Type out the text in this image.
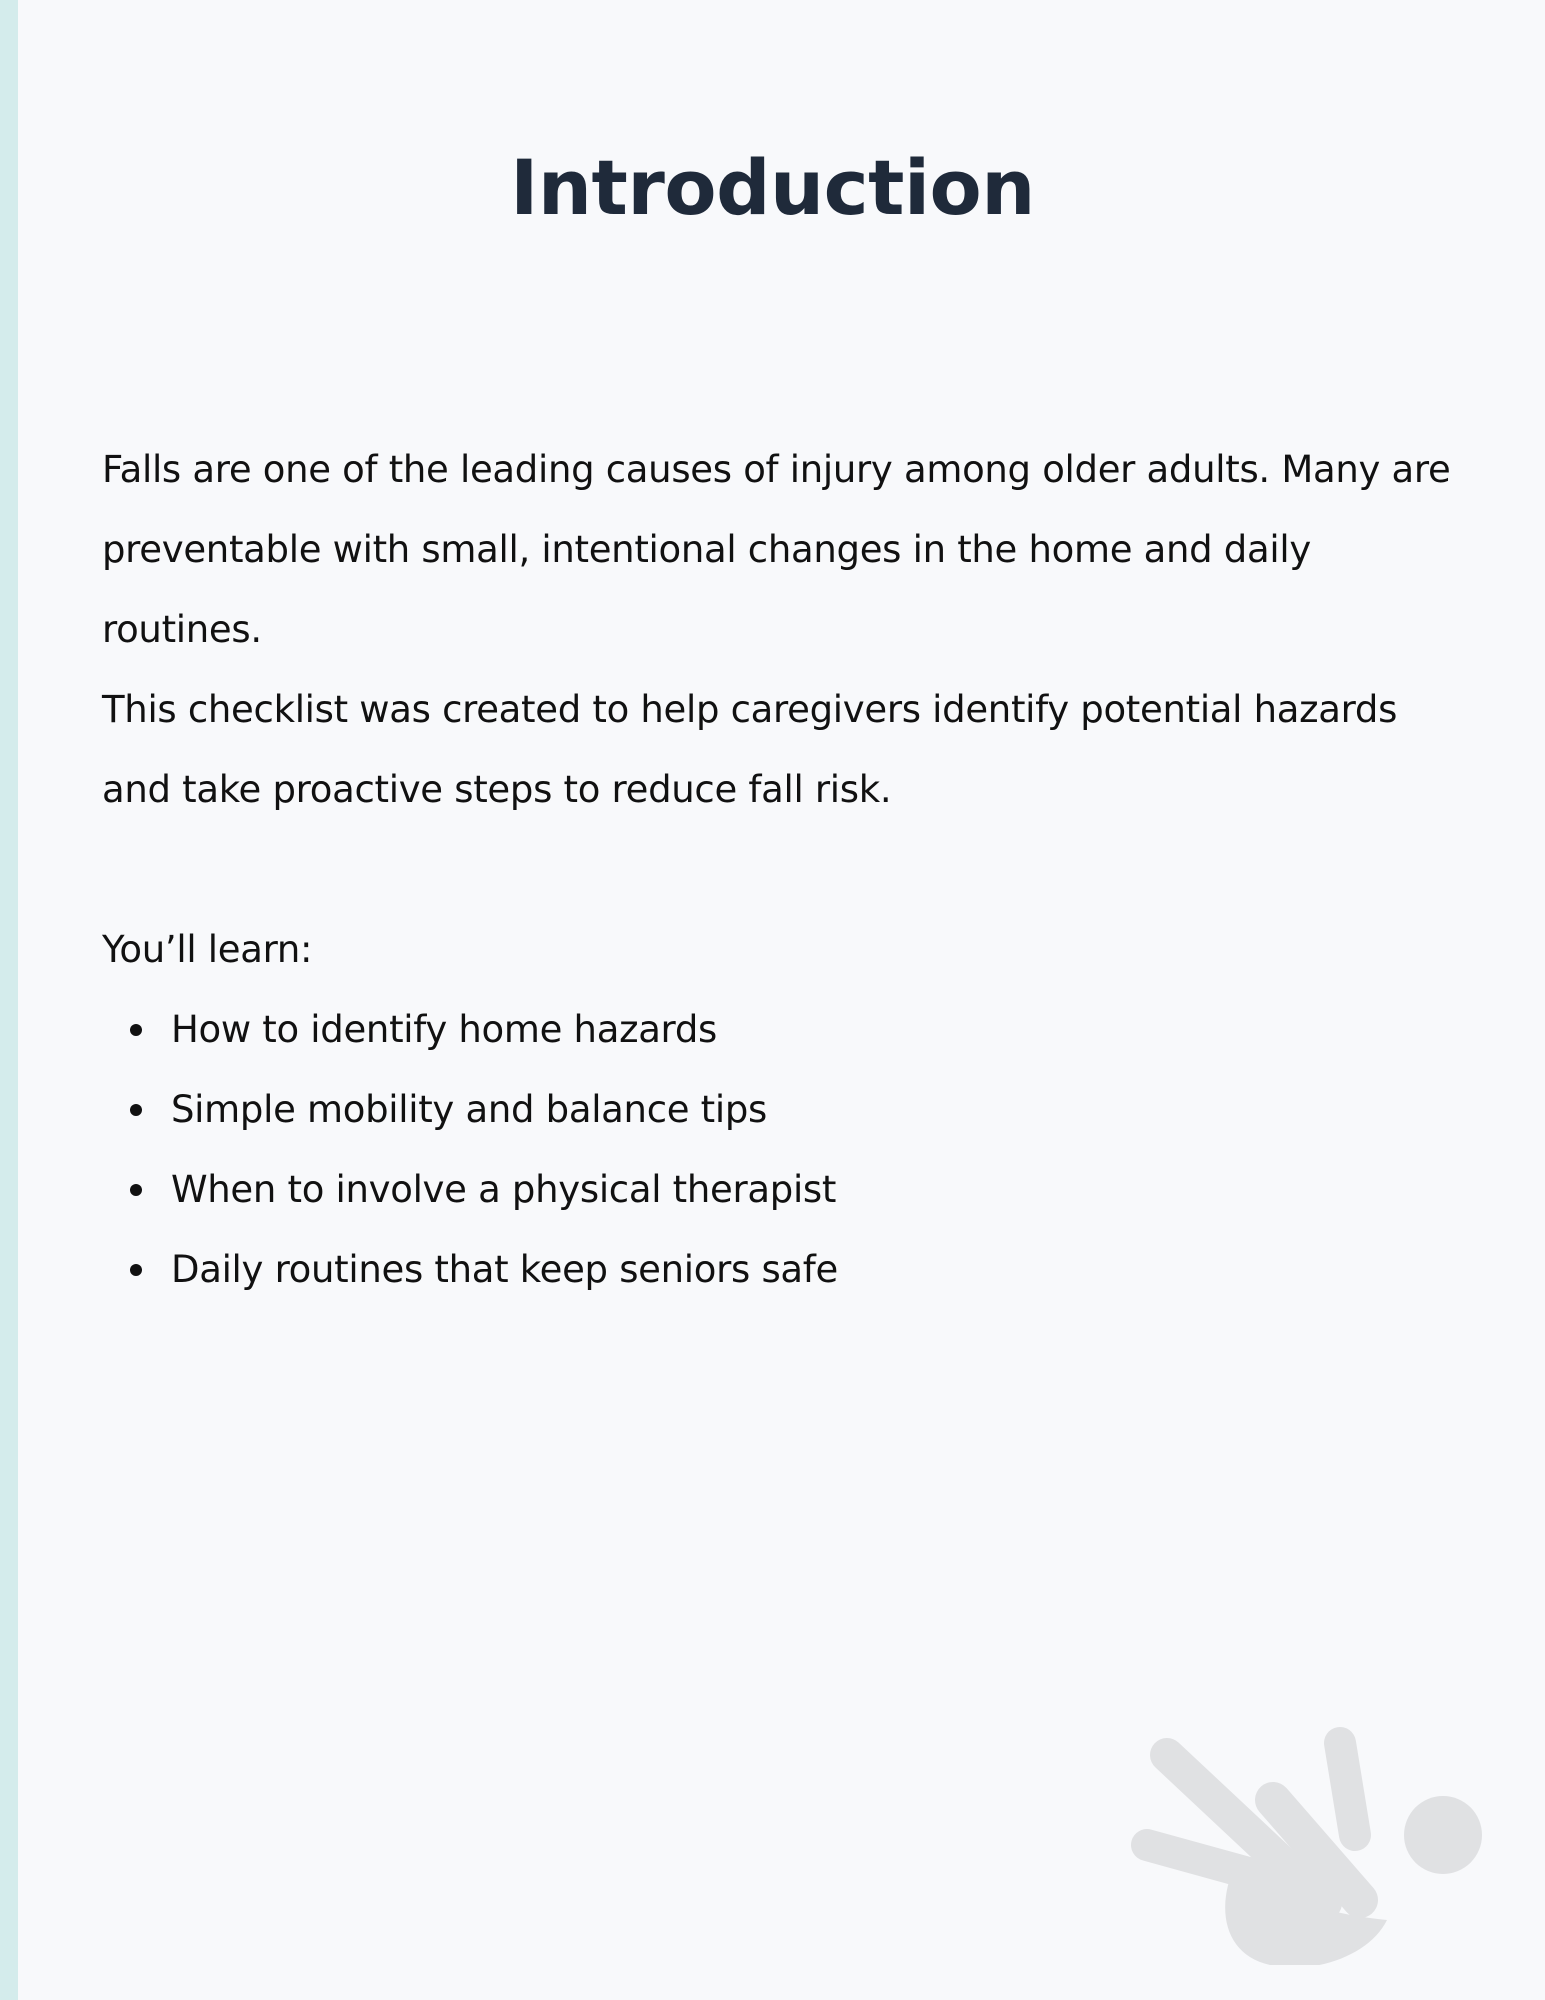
Introduction

Falls are one of the leading causes of injury among older adults. Many are preventable with small, intentional changes in the home and daily routines.

This checklist was created to help caregivers identify potential hazards and take proactive steps to reduce fall risk.

You’ll learn:

How to identify home hazards
Simple mobility and balance tips
When to involve a physical therapist
Daily routines that keep seniors safe
